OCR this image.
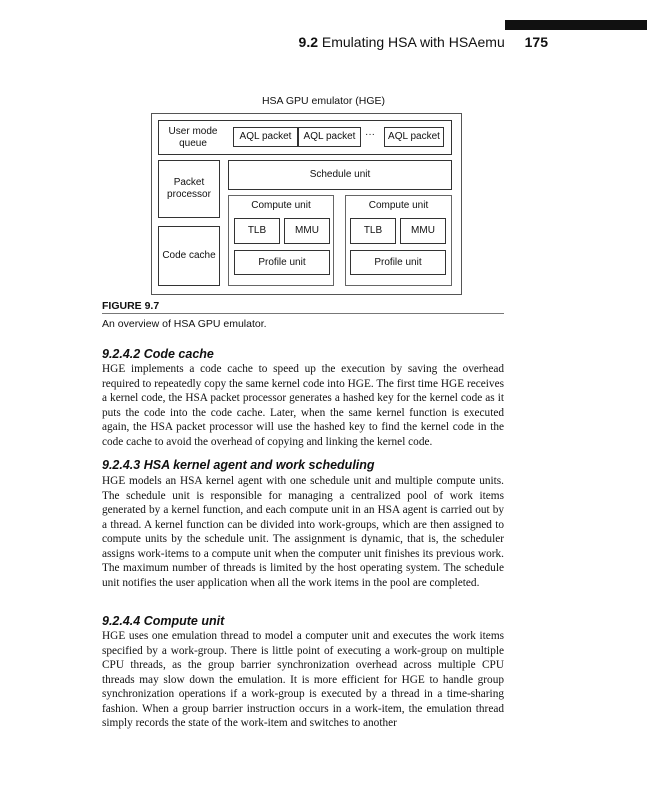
9.2 Emulating HSA with HSAemu 175
HSA GPU emulator (HGE)
User mode queue
AQL packet	AQL packet ···	AQL packet
Packet processor
Code cache
Schedule unit
Compute unit
TLB	MMU
Profile unit
Compute unit
TLB	MMU
Profile unit
FIGURE 9.7
An overview of HSA GPU emulator.
9.2.4.2 Code cache
HGE implements a code cache to speed up the execution by saving the overhead required to repeatedly copy the same kernel code into HGE. The first time HGE receives a kernel code, the HSA packet processor generates a hashed key for the kernel code as it puts the code into the code cache. Later, when the same kernel function is executed again, the HSA packet processor will use the hashed key to find the kernel code in the code cache to avoid the overhead of copying and linking the kernel code.
9.2.4.3 HSA kernel agent and work scheduling
HGE models an HSA kernel agent with one schedule unit and multiple compute units. The schedule unit is responsible for managing a centralized pool of work items generated by a kernel function, and each compute unit in an HSA agent is carried out by a thread. A kernel function can be divided into work-groups, which are then assigned to compute units by the schedule unit. The assignment is dynamic, that is, the scheduler assigns work-items to a compute unit when the computer unit finishes its previous work. The maximum number of threads is limited by the host operating system. The schedule unit notifies the user application when all the work items in the pool are completed.
9.2.4.4 Compute unit
HGE uses one emulation thread to model a computer unit and executes the work items specified by a work-group. There is little point of executing a work-group on multiple CPU threads, as the group barrier synchronization overhead across multiple CPU threads may slow down the emulation. It is more efficient for HGE to handle group synchronization operations if a work-group is executed by a thread in a time-sharing fashion. When a group barrier instruction occurs in a work-item, the emulation thread simply records the state of the work-item and switches to another
